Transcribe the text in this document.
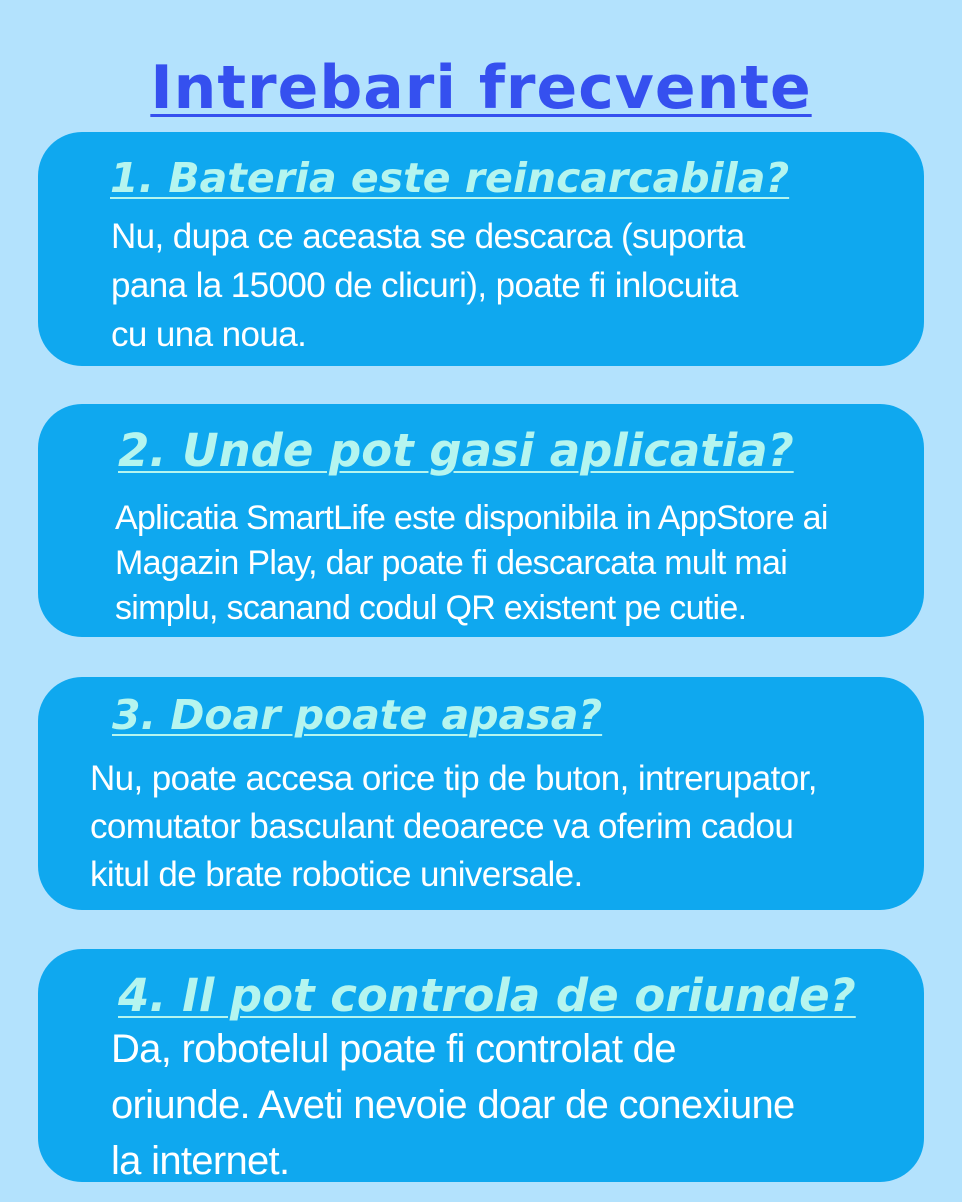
Intrebari frecvente
1. Bateria este reincarcabila?

Nu, dupa ce aceasta se descarca (suporta
pana la 15000 de clicuri), poate fi inlocuita
cu una noua.

2. Unde pot gasi aplicatia?

Aplicatia SmartLife este disponibila in AppStore ai
Magazin Play, dar poate fi descarcata mult mai
simplu, scanand codul QR existent pe cutie.

3. Doar poate apasa?

Nu, poate accesa orice tip de buton, intrerupator,
comutator basculant deoarece va oferim cadou
kitul de brate robotice universale.

4. Il pot controla de oriunde?

Da, robotelul poate fi controlat de
oriunde. Aveti nevoie doar de conexiune
la internet.
